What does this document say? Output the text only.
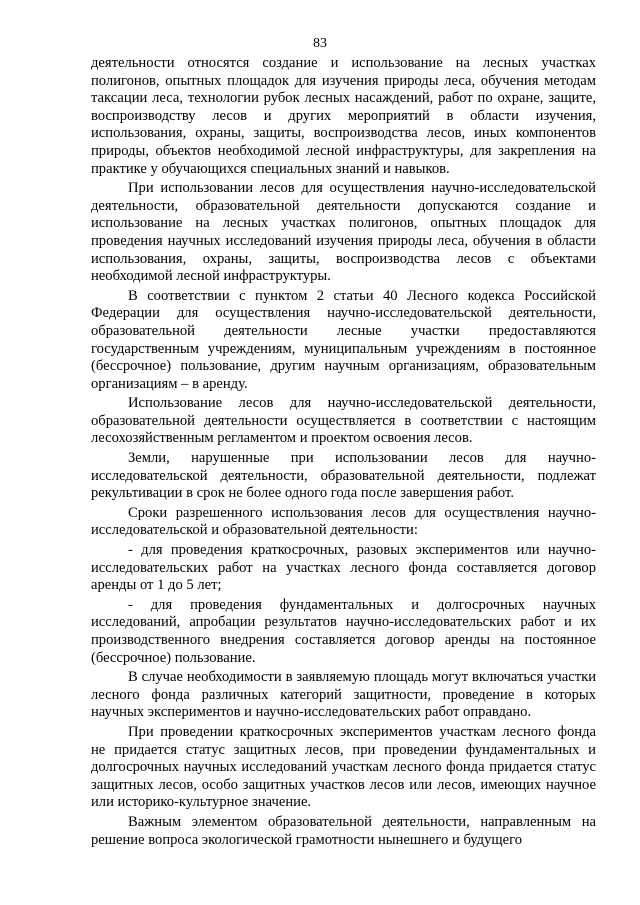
83

деятельности относятся создание и использование на лесных участках полигонов, опытных площадок для изучения природы леса, обучения методам таксации леса, технологии рубок лесных насаждений, работ по охране, защите, воспроизводству лесов и других мероприятий в области изучения, использования, охраны, защиты, воспроизводства лесов, иных компонентов природы, объектов необходимой лесной инфраструктуры, для закрепления на практике у обучающихся специальных знаний и навыков.

При использовании лесов для осуществления научно-исследовательской деятельности, образовательной деятельности допускаются создание и использование на лесных участках полигонов, опытных площадок для проведения научных исследований изучения природы леса, обучения в области использования, охраны, защиты, воспроизводства лесов с объектами необходимой лесной инфраструктуры.

В соответствии с пунктом 2 статьи 40 Лесного кодекса Российской Федерации для осуществления научно-исследовательской деятельности, образовательной деятельности лесные участки предоставляются государственным учреждениям, муниципальным учреждениям в постоянное (бессрочное) пользование, другим научным организациям, образовательным организациям – в аренду.

Использование лесов для научно-исследовательской деятельности, образовательной деятельности осуществляется в соответствии с настоящим лесохозяйственным регламентом и проектом освоения лесов.

Земли, нарушенные при использовании лесов для научно-исследовательской деятельности, образовательной деятельности, подлежат рекультивации в срок не более одного года после завершения работ.

Сроки разрешенного использования лесов для осуществления научно-исследовательской и образовательной деятельности:

- для проведения краткосрочных, разовых экспериментов или научно-исследовательских работ на участках лесного фонда составляется договор аренды от 1 до 5 лет;

- для проведения фундаментальных и долгосрочных научных исследований, апробации результатов научно-исследовательских работ и их производственного внедрения составляется договор аренды на постоянное (бессрочное) пользование.

В случае необходимости в заявляемую площадь могут включаться участки лесного фонда различных категорий защитности, проведение в которых научных экспериментов и научно-исследовательских работ оправдано.

При проведении краткосрочных экспериментов участкам лесного фонда не придается статус защитных лесов, при проведении фундаментальных и долгосрочных научных исследований участкам лесного фонда придается статус защитных лесов, особо защитных участков лесов или лесов, имеющих научное или историко-культурное значение.

Важным элементом образовательной деятельности, направленным на решение вопроса экологической грамотности нынешнего и будущего
